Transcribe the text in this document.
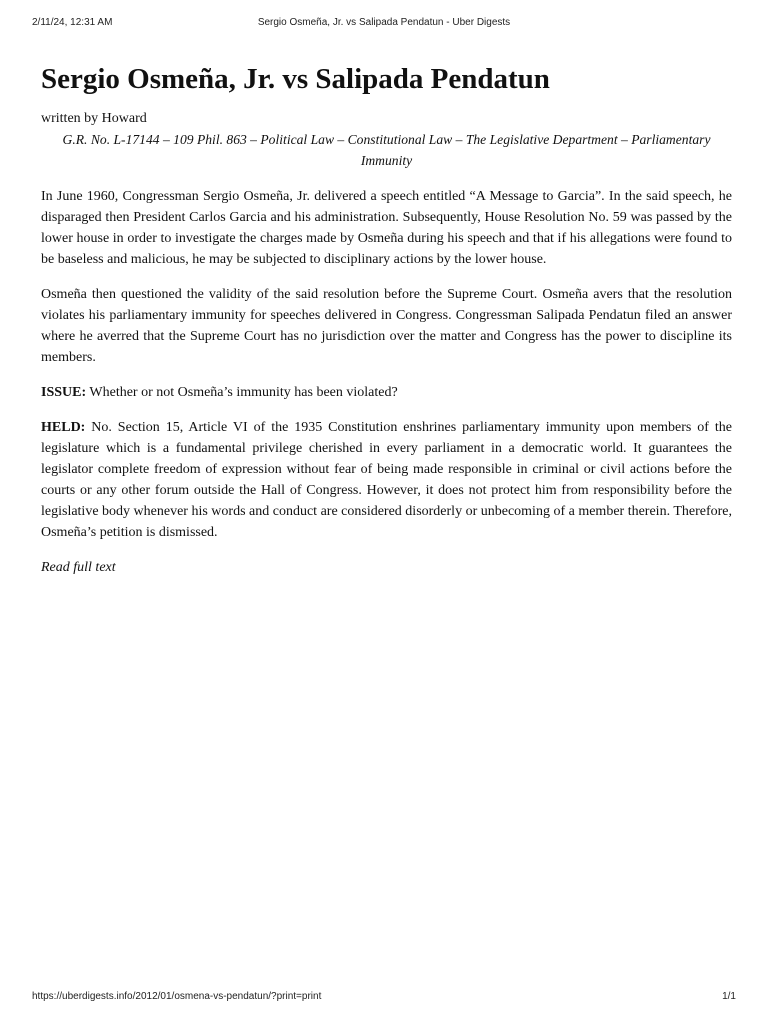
2/11/24, 12:31 AM	Sergio Osmeña, Jr. vs Salipada Pendatun - Uber Digests
Sergio Osmeña, Jr. vs Salipada Pendatun
written by Howard
G.R. No. L-17144 – 109 Phil. 863 – Political Law – Constitutional Law – The Legislative Department – Parliamentary Immunity

In June 1960, Congressman Sergio Osmeña, Jr. delivered a speech entitled “A Message to Garcia”. In the said speech, he disparaged then President Carlos Garcia and his administration. Subsequently, House Resolution No. 59 was passed by the lower house in order to investigate the charges made by Osmeña during his speech and that if his allegations were found to be baseless and malicious, he may be subjected to disciplinary actions by the lower house.

Osmeña then questioned the validity of the said resolution before the Supreme Court. Osmeña avers that the resolution violates his parliamentary immunity for speeches delivered in Congress. Congressman Salipada Pendatun filed an answer where he averred that the Supreme Court has no jurisdiction over the matter and Congress has the power to discipline its members.

ISSUE: Whether or not Osmeña’s immunity has been violated?

HELD: No. Section 15, Article VI of the 1935 Constitution enshrines parliamentary immunity upon members of the legislature which is a fundamental privilege cherished in every parliament in a democratic world. It guarantees the legislator complete freedom of expression without fear of being made responsible in criminal or civil actions before the courts or any other forum outside the Hall of Congress. However, it does not protect him from responsibility before the legislative body whenever his words and conduct are considered disorderly or unbecoming of a member therein. Therefore, Osmeña’s petition is dismissed.

Read full text

https://uberdigests.info/2012/01/osmena-vs-pendatun/?print=print	1/1
